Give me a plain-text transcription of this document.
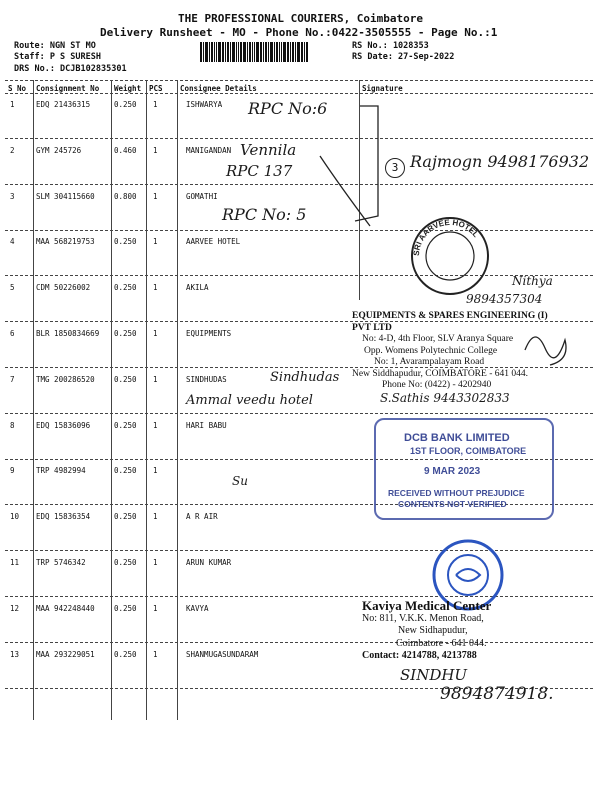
THE PROFESSIONAL COURIERS, Coimbatore
Delivery Runsheet - MO - Phone No.:0422-3505555 - Page No.:1
Route: NGN ST MO
Staff: P S SURESH
DRS No.: DCJB102835301
RS No.: 1028353
RS Date: 27-Sep-2022
S No Consignment No Weight PCS Consignee Details	Signature
1	EDQ 21436315	0.250 1	ISHWARYA
2	GYM 245726	0.460 1	MANIGANDAN
3	SLM 304115660	0.800 1	GOMATHI
4	MAA 568219753	0.250 1	AARVEE HOTEL
5	CDM 50226002	0.250 1	AKILA
6	BLR 1850834669 0.250 1	EQUIPMENTS
7	TMG 200286520	0.250 1	SINDHUDAS
8	EDQ 15836096	0.250 1	HARI BABU
9	TRP 4982994	0.250 1
10 EDQ 15836354	0.250 1	A R AIR
11 TRP 5746342	0.250 1	ARUN KUMAR
12 MAA 942248440	0.250 1	KAVYA
13 MAA 293229051	0.250 1	SHANMUGASUNDARAM
RPC No:6
Vennila
RPC 137	3 Rajmogn 9498176932
RPC No: 5
Nithya
9894357304
Sindhudas
Ammal veedu hotel	S.Sathis 9443302833
Su
SINDHU
9894874918.
SRI AARVEE HOTEL
EQUIPMENTS & SPARES ENGINEERING (I) PVT LTD
No: 4-D, 4th Floor, SLV Aranya Square
Opp. Womens Polytechnic College
No: 1, Avarampalayam Road
New Siddhapudur, COIMBATORE - 641 044.
Phone No: (0422) - 4202940
DCB BANK LIMITED
1ST FLOOR, COIMBATORE
9 MAR 2023
RECEIVED WITHOUT PREJUDICE
CONTENTS NOT VERIFIED
Kaviya Medical Center
No: 811, V.K.K. Menon Road,
New Sidhapudur,
Coimbatore - 641 044.
Contact: 4214788, 4213788
